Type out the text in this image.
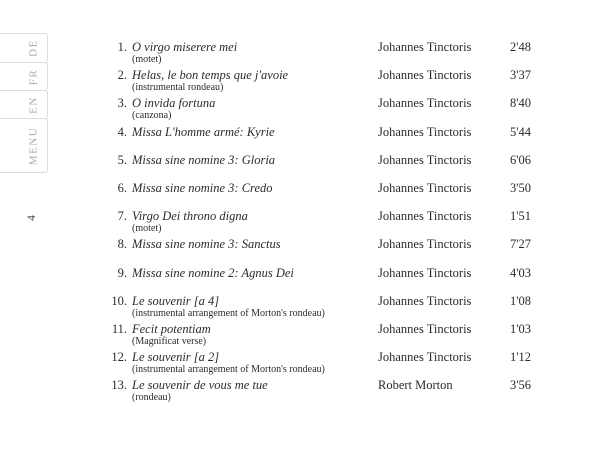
DE
FR
EN
MENU
4
1. O virgo miserere mei
(motet)
Johannes Tinctoris	2'48
2. Helas, le bon temps que j'avoie
(instrumental rondeau)
Johannes Tinctoris	3'37
3. O invida fortuna
(canzona)
Johannes Tinctoris	8'40
4. Missa L'homme armé: Kyrie	Johannes Tinctoris	5'44
5. Missa sine nomine 3: Gloria	Johannes Tinctoris	6'06
6. Missa sine nomine 3: Credo	Johannes Tinctoris	3'50
7. Virgo Dei throno digna
(motet)
Johannes Tinctoris	1'51
8. Missa sine nomine 3: Sanctus	Johannes Tinctoris	7'27
9. Missa sine nomine 2: Agnus Dei	Johannes Tinctoris	4'03
10. Le souvenir [a 4]
(instrumental arrangement of Morton's rondeau)
Johannes Tinctoris	1'08
11. Fecit potentiam
(Magnificat verse)
Johannes Tinctoris	1'03
12. Le souvenir [a 2]
(instrumental arrangement of Morton's rondeau)
Johannes Tinctoris	1'12
13. Le souvenir de vous me tue
(rondeau)
Robert Morton	3'56
